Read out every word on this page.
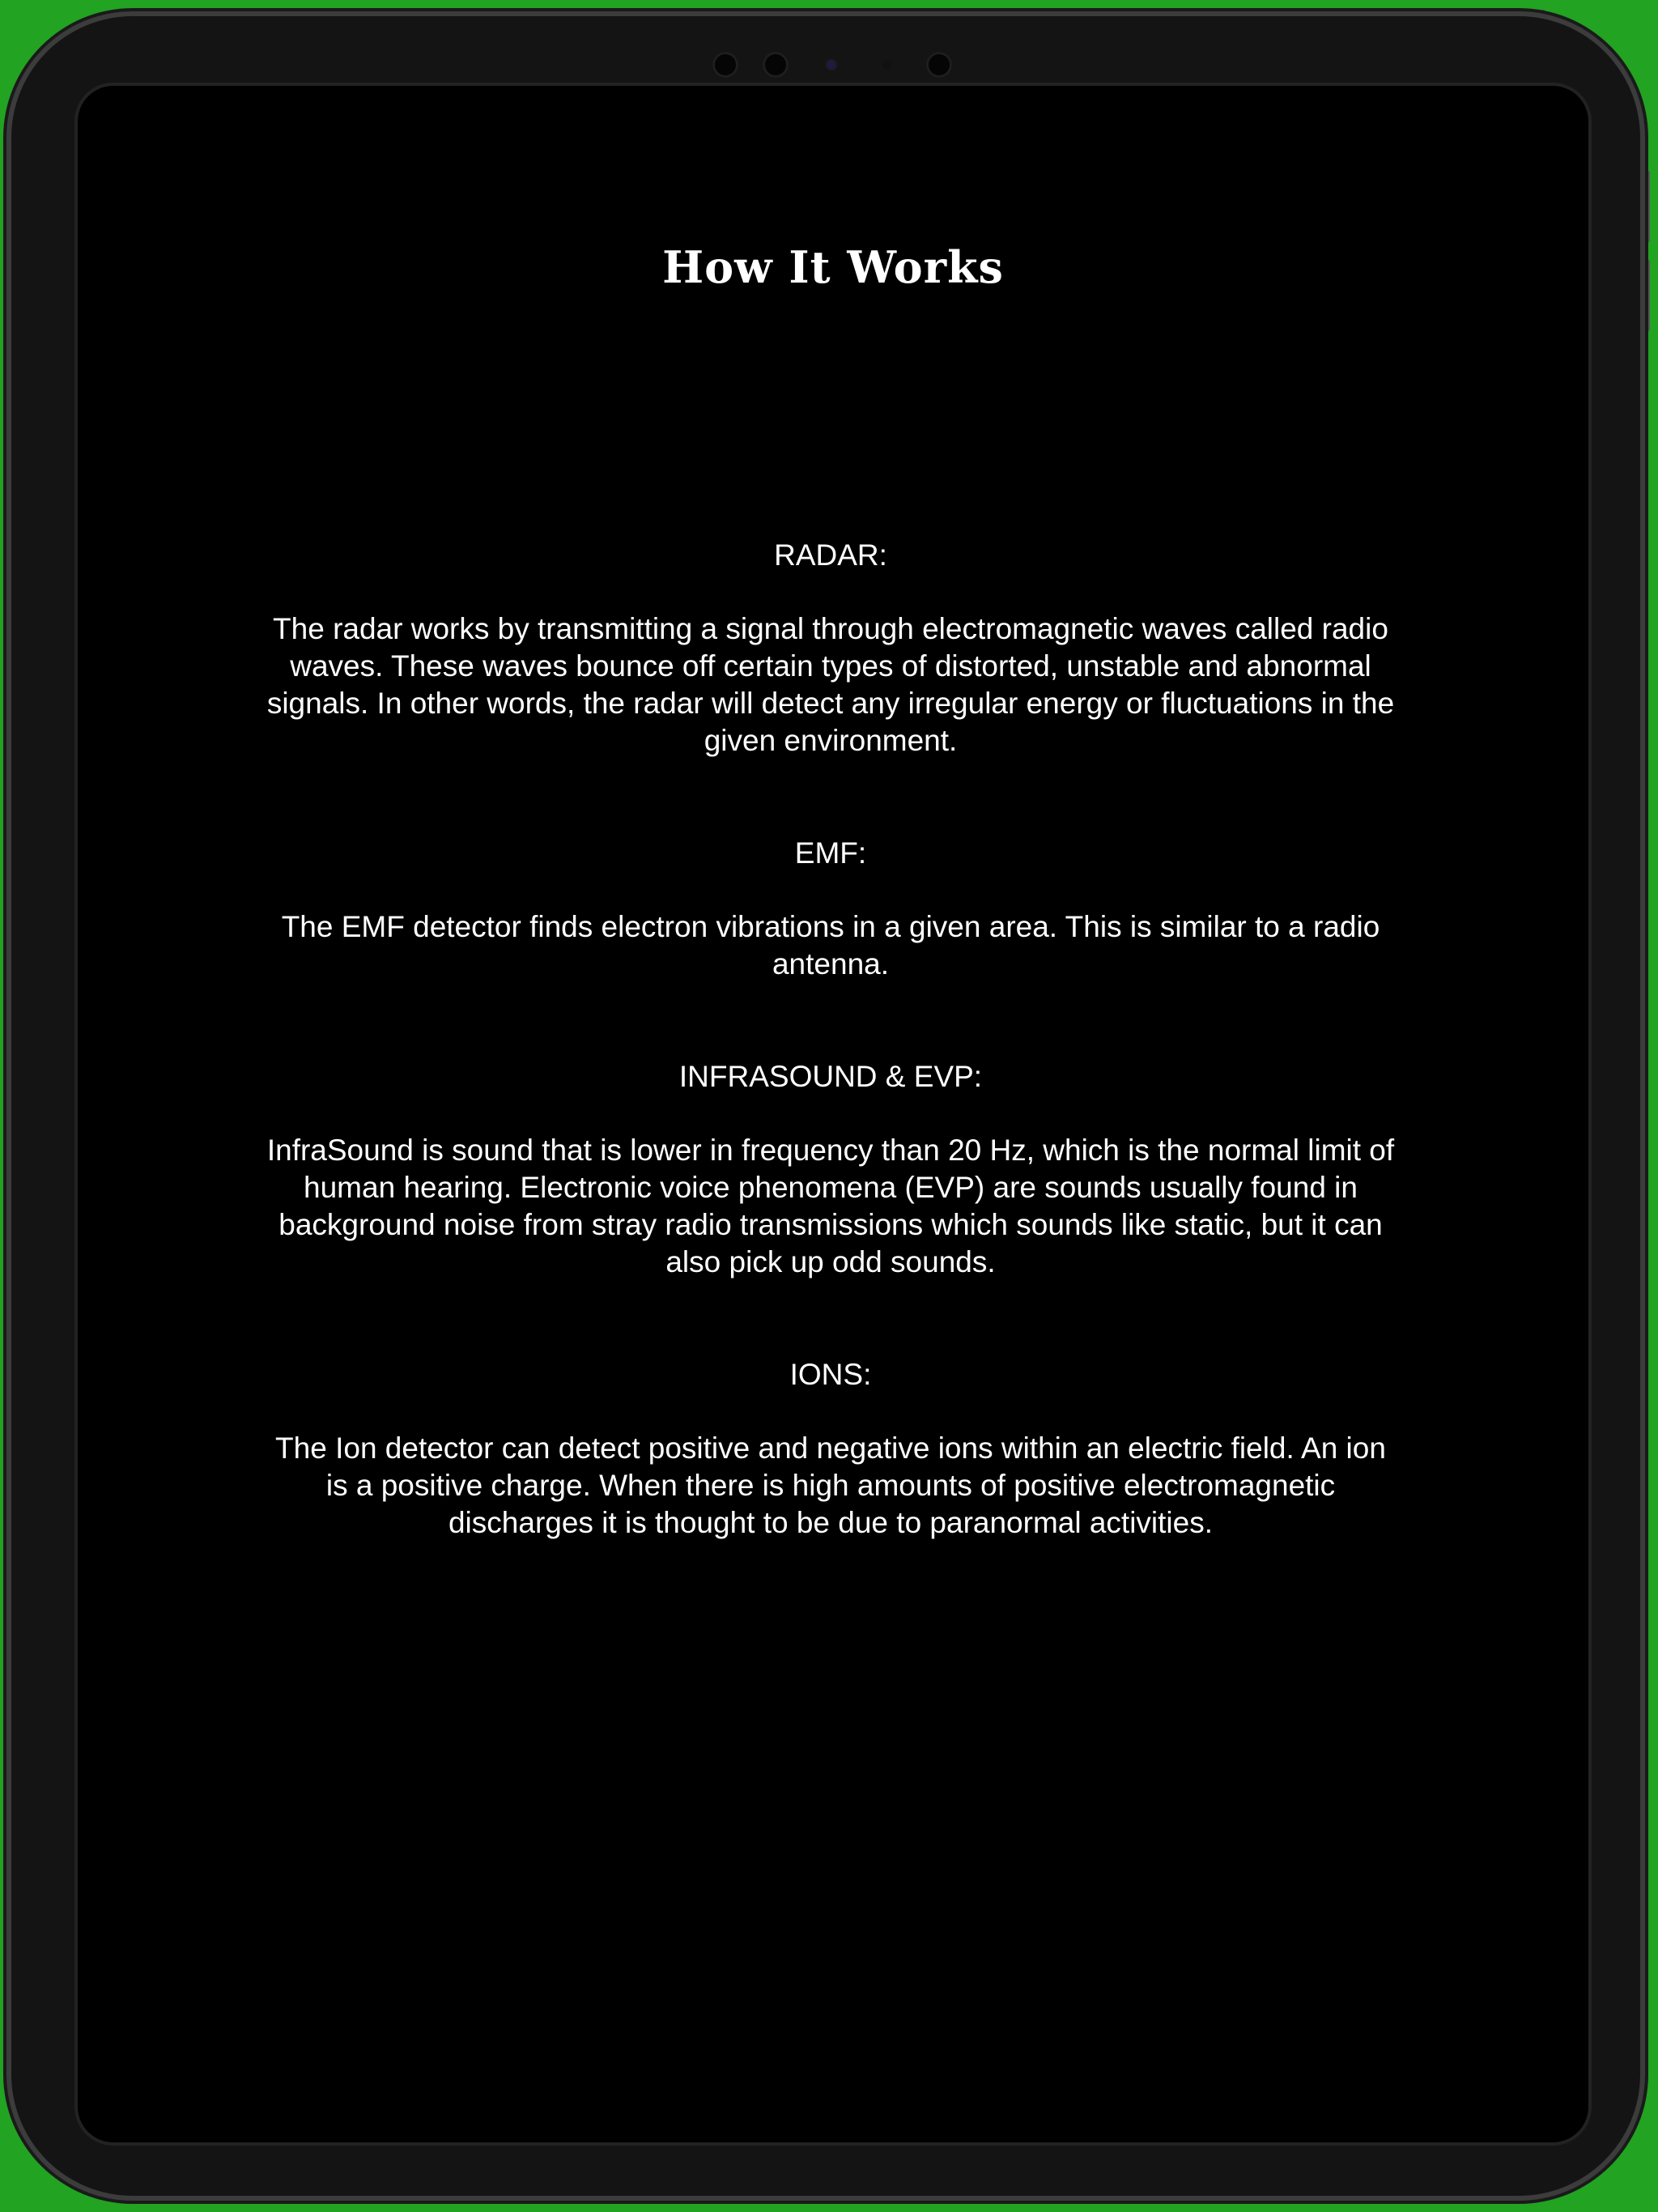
How It Works
RADAR:
The radar works by transmitting a signal through electromagnetic waves called radio waves. These waves bounce off certain types of distorted, unstable and abnormal signals. In other words, the radar will detect any irregular energy or fluctuations in the given environment.
EMF:
The EMF detector finds electron vibrations in a given area. This is similar to a radio antenna.
INFRASOUND & EVP:
InfraSound is sound that is lower in frequency than 20 Hz, which is the normal limit of human hearing. Electronic voice phenomena (EVP) are sounds usually found in background noise from stray radio transmissions which sounds like static, but it can also pick up odd sounds.
IONS:
The Ion detector can detect positive and negative ions within an electric field. An ion is a positive charge. When there is high amounts of positive electromagnetic discharges it is thought to be due to paranormal activities.
